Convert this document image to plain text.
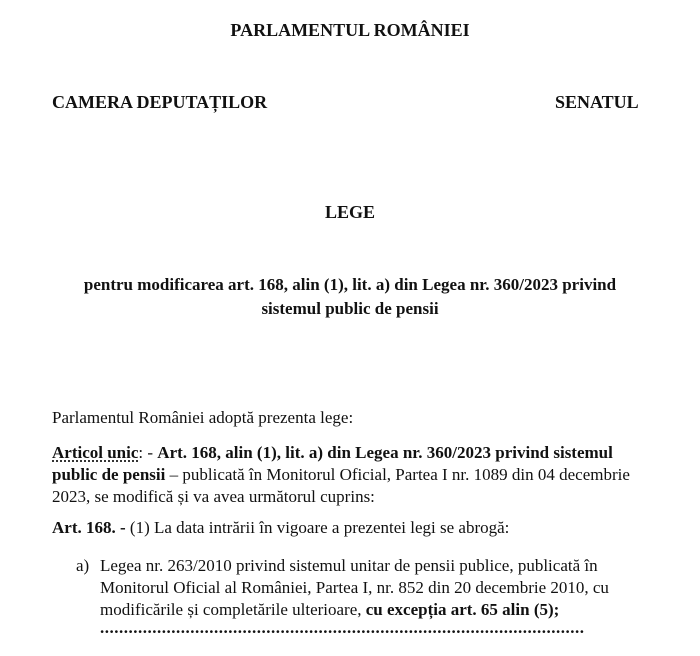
PARLAMENTUL ROMÂNIEI
CAMERA DEPUTAȚILOR	SENATUL
LEGE
pentru modificarea art. 168, alin (1), lit. a) din Legea nr. 360/2023 privind
sistemul public de pensii
Parlamentul României adoptă prezenta lege:
Articol unic: - Art. 168, alin (1), lit. a) din Legea nr. 360/2023 privind sistemul
public de pensii – publicată în Monitorul Oficial, Partea I nr. 1089 din 04 decembrie
2023, se modifică și va avea următorul cuprins:
Art. 168. - (1) La data intrării în vigoare a prezentei legi se abrogă:
a) Legea nr. 263/2010 privind sistemul unitar de pensii publice, publicată în
Monitorul Oficial al României, Partea I, nr. 852 din 20 decembrie 2010, cu
modificările și completările ulterioare, cu excepția art. 65 alin (5);
......................................................................................................
